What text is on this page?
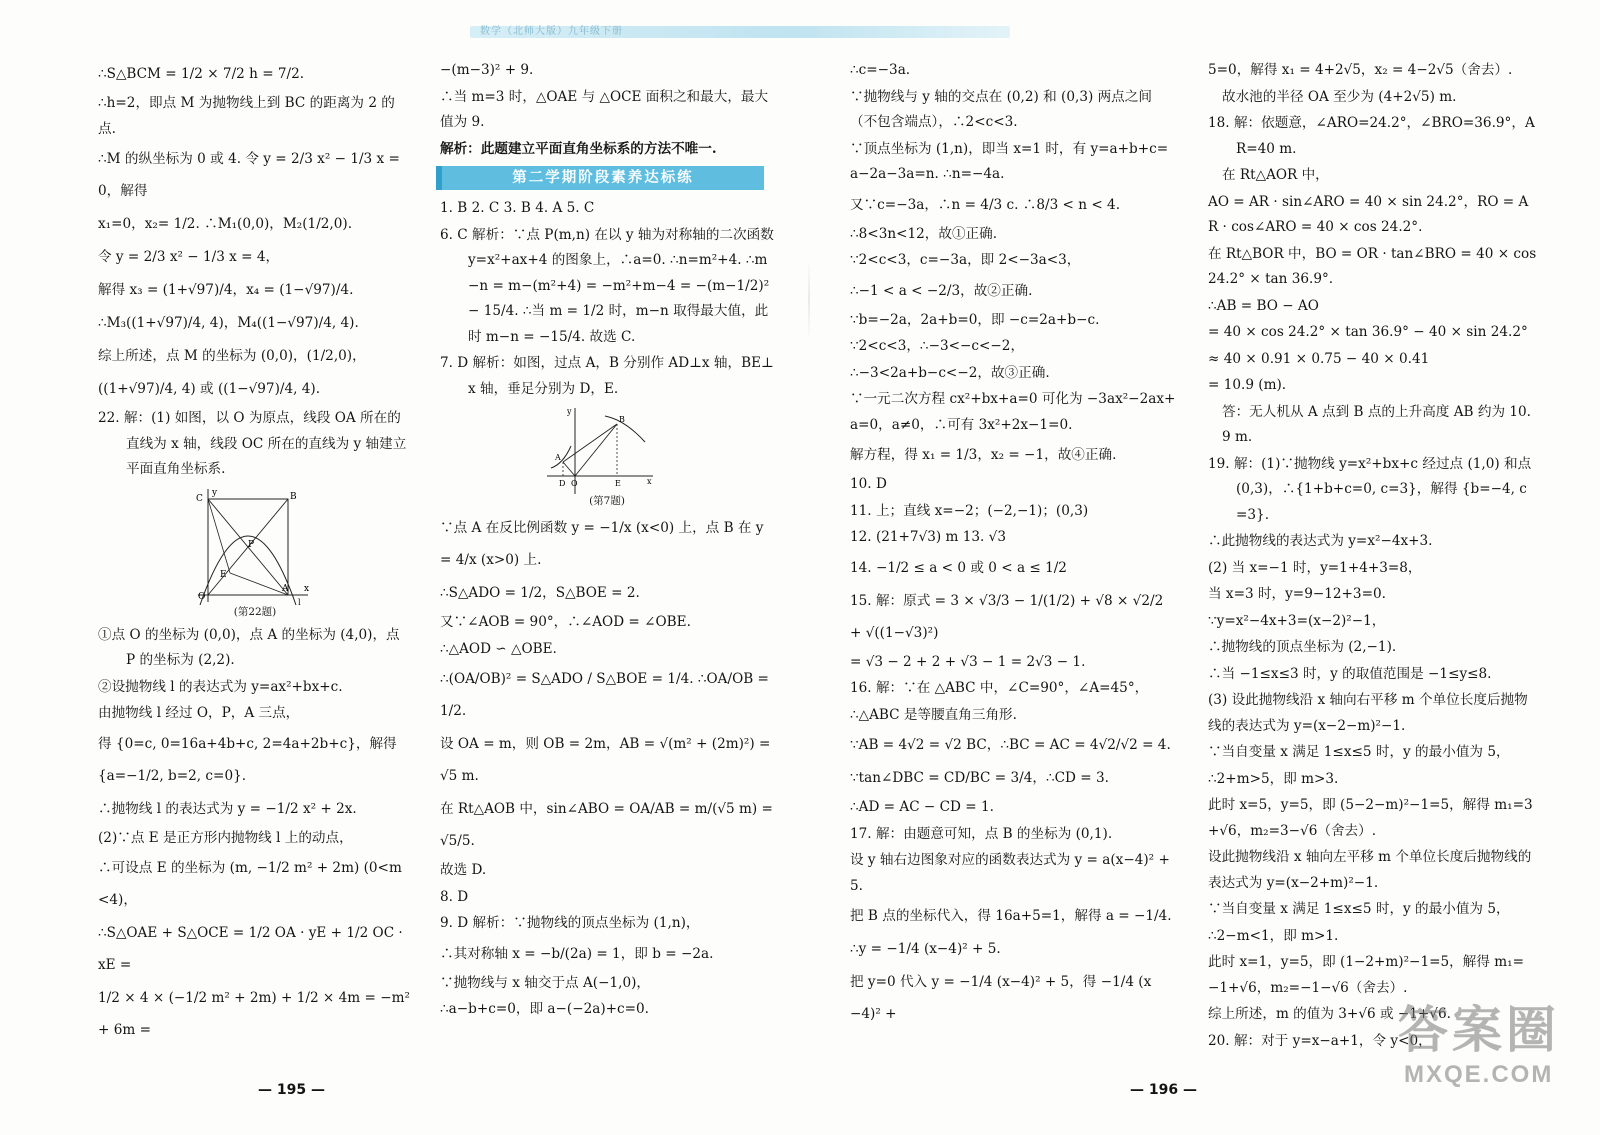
数学（北师大版）九年级下册

∴S△BCM = 1/2 × 7/2 h = 7/2.

∴h=2，即点 M 为抛物线上到 BC 的距离为 2 的点.

∴M 的纵坐标为 0 或 4. 令 y = 2/3 x² − 1/3 x = 0，解得

x₁=0，x₂= 1/2. ∴M₁(0,0)，M₂(1/2,0).

令 y = 2/3 x² − 1/3 x = 4，

解得 x₃ = (1+√97)/4，x₄ = (1−√97)/4.

∴M₃((1+√97)/4, 4)，M₄((1−√97)/4, 4).

综上所述，点 M 的坐标为 (0,0)，(1/2,0)，

((1+√97)/4, 4) 或 ((1−√97)/4, 4).

22. 解：(1) 如图，以 O 为原点，线段 OA 所在的直线为 x 轴，线段 OC 所在的直线为 y 轴建立平面直角坐标系.

C	B
P
E
O
A x
y
l
(第22题)

①点 O 的坐标为 (0,0)，点 A 的坐标为 (4,0)，点 P 的坐标为 (2,2).

②设抛物线 l 的表达式为 y=ax²+bx+c.

由抛物线 l 经过 O，P，A 三点，

得 {0=c, 0=16a+4b+c, 2=4a+2b+c}，解得 {a=−1/2, b=2, c=0}.

∴抛物线 l 的表达式为 y = −1/2 x² + 2x.

(2)∵点 E 是正方形内抛物线 l 上的动点，

∴可设点 E 的坐标为 (m, −1/2 m² + 2m) (0<m<4)，

∴S△OAE + S△OCE = 1/2 OA · yE + 1/2 OC · xE =

1/2 × 4 × (−1/2 m² + 2m) + 1/2 × 4m = −m² + 6m =

−(m−3)² + 9.

∴当 m=3 时，△OAE 与 △OCE 面积之和最大，最大值为 9.

解析：此题建立平面直角坐标系的方法不唯一.

第二学期阶段素养达标练

1. B 2. C 3. B 4. A 5. C

6. C 解析：∵点 P(m,n) 在以 y 轴为对称轴的二次函数 y=x²+ax+4 的图象上，∴a=0. ∴n=m²+4. ∴m−n = m−(m²+4) = −m²+m−4 = −(m−1/2)² − 15/4. ∴当 m = 1/2 时，m−n 取得最大值，此时 m−n = −15/4. 故选 C.

7. D 解析：如图，过点 A，B 分别作 AD⊥x 轴，BE⊥x 轴，垂足分别为 D，E.

A
B
D O	E	x
y
(第7题)

∵点 A 在反比例函数 y = −1/x (x<0) 上，点 B 在 y = 4/x (x>0) 上.

∴S△ADO = 1/2，S△BOE = 2.

又∵∠AOB = 90°，∴∠AOD = ∠OBE.

∴△AOD ∽ △OBE.

∴(OA/OB)² = S△ADO / S△BOE = 1/4. ∴OA/OB = 1/2.

设 OA = m，则 OB = 2m，AB = √(m² + (2m)²) = √5 m.

在 Rt△AOB 中，sin∠ABO = OA/AB = m/(√5 m) = √5/5.

故选 D.

8. D

9. D 解析：∵抛物线的顶点坐标为 (1,n)，

∴其对称轴 x = −b/(2a) = 1，即 b = −2a.

∵抛物线与 x 轴交于点 A(−1,0)，

∴a−b+c=0，即 a−(−2a)+c=0.

∴c=−3a.

∵抛物线与 y 轴的交点在 (0,2) 和 (0,3) 两点之间（不包含端点），∴2<c<3.

∵顶点坐标为 (1,n)，即当 x=1 时，有 y=a+b+c=a−2a−3a=n. ∴n=−4a.

又∵c=−3a，∴n = 4/3 c. ∴8/3 < n < 4.

∴8<3n<12，故①正确.

∵2<c<3，c=−3a，即 2<−3a<3，

∴−1 < a < −2/3，故②正确.

∵b=−2a，2a+b=0，即 −c=2a+b−c.

∵2<c<3，∴−3<−c<−2，

∴−3<2a+b−c<−2，故③正确.

∵一元二次方程 cx²+bx+a=0 可化为 −3ax²−2ax+a=0，a≠0，∴可有 3x²+2x−1=0.

解方程，得 x₁ = 1/3，x₂ = −1，故④正确.

10. D

11. 上；直线 x=−2；(−2,−1)；(0,3)

12. (21+7√3) m 13. √3

14. −1/2 ≤ a < 0 或 0 < a ≤ 1/2

15. 解：原式 = 3 × √3/3 − 1/(1/2) + √8 × √2/2 + √((1−√3)²)

= √3 − 2 + 2 + √3 − 1 = 2√3 − 1.

16. 解：∵在 △ABC 中，∠C=90°，∠A=45°，

∴△ABC 是等腰直角三角形.

∵AB = 4√2 = √2 BC，∴BC = AC = 4√2/√2 = 4.

∵tan∠DBC = CD/BC = 3/4，∴CD = 3.

∴AD = AC − CD = 1.

17. 解：由题意可知，点 B 的坐标为 (0,1).

设 y 轴右边图象对应的函数表达式为 y = a(x−4)² + 5.

把 B 点的坐标代入，得 16a+5=1，解得 a = −1/4.

∴y = −1/4 (x−4)² + 5.

把 y=0 代入 y = −1/4 (x−4)² + 5，得 −1/4 (x−4)² +

5=0，解得 x₁ = 4+2√5，x₂ = 4−2√5（舍去）.

故水池的半径 OA 至少为 (4+2√5) m.

18. 解：依题意，∠ARO=24.2°，∠BRO=36.9°，AR=40 m.

在 Rt△AOR 中，

AO = AR · sin∠ARO = 40 × sin 24.2°，RO = AR · cos∠ARO = 40 × cos 24.2°.

在 Rt△BOR 中，BO = OR · tan∠BRO = 40 × cos 24.2° × tan 36.9°.

∴AB = BO − AO

= 40 × cos 24.2° × tan 36.9° − 40 × sin 24.2°

≈ 40 × 0.91 × 0.75 − 40 × 0.41

= 10.9 (m).

答：无人机从 A 点到 B 点的上升高度 AB 约为 10.9 m.

19. 解：(1)∵抛物线 y=x²+bx+c 经过点 (1,0) 和点 (0,3)，∴{1+b+c=0, c=3}，解得 {b=−4, c=3}.

∴此抛物线的表达式为 y=x²−4x+3.

(2) 当 x=−1 时，y=1+4+3=8，

当 x=3 时，y=9−12+3=0.

∵y=x²−4x+3=(x−2)²−1，

∴抛物线的顶点坐标为 (2,−1).

∴当 −1≤x≤3 时，y 的取值范围是 −1≤y≤8.

(3) 设此抛物线沿 x 轴向右平移 m 个单位长度后抛物线的表达式为 y=(x−2−m)²−1.

∵当自变量 x 满足 1≤x≤5 时，y 的最小值为 5，

∴2+m>5，即 m>3.

此时 x=5，y=5，即 (5−2−m)²−1=5，解得 m₁=3+√6，m₂=3−√6（舍去）.

设此抛物线沿 x 轴向左平移 m 个单位长度后抛物线的表达式为 y=(x−2+m)²−1.

∵当自变量 x 满足 1≤x≤5 时，y 的最小值为 5，

∴2−m<1，即 m>1.

此时 x=1，y=5，即 (1−2+m)²−1=5，解得 m₁=−1+√6，m₂=−1−√6（舍去）.

综上所述，m 的值为 3+√6 或 −1+√6.

20. 解：对于 y=x−a+1，令 y<0，

— 195 —	— 196 —
答案圈
MXQE.COM
